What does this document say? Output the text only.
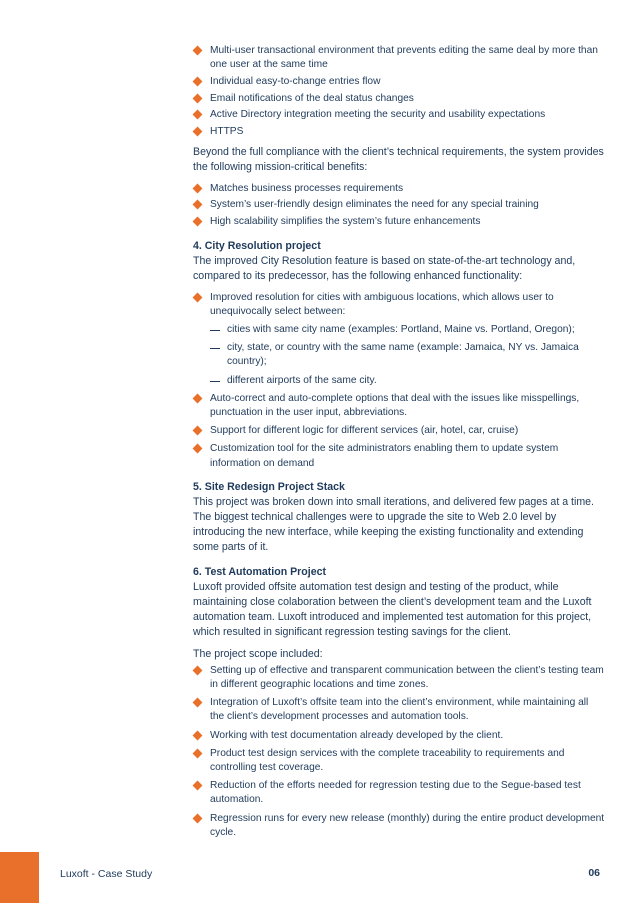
Multi-user transactional environment that prevents editing the same deal by more than one user at the same time
Individual easy-to-change entries flow
Email notifications of the deal status changes
Active Directory integration meeting the security and usability expectations
HTTPS

Beyond the full compliance with the client’s technical requirements, the system provides the following mission-critical benefits:

Matches business processes requirements
System’s user-friendly design eliminates the need for any special training
High scalability simplifies the system’s future enhancements

4. City Resolution project

The improved City Resolution feature is based on state-of-the-art technology and, compared to its predecessor, has the following enhanced functionality:

Improved resolution for cities with ambiguous locations, which allows user to unequivocally select between:
cities with same city name (examples: Portland, Maine vs. Portland, Oregon);
city, state, or country with the same name (example: Jamaica, NY vs. Jamaica country);
different airports of the same city.
Auto-correct and auto-complete options that deal with the issues like misspellings, punctuation in the user input, abbreviations.
Support for different logic for different services (air, hotel, car, cruise)
Customization tool for the site administrators enabling them to update system information on demand

5. Site Redesign Project Stack

This project was broken down into small iterations, and delivered few pages at a time. The biggest technical challenges were to upgrade the site to Web 2.0 level by introducing the new interface, while keeping the existing functionality and extending some parts of it.

6. Test Automation Project

Luxoft provided offsite automation test design and testing of the product, while maintaining close colaboration between the client’s development team and the Luxoft automation team. Luxoft introduced and implemented test automation for this project, which resulted in significant regression testing savings for the client.

The project scope included:

Setting up of effective and transparent communication between the client’s testing team in different geographic locations and time zones.
Integration of Luxoft’s offsite team into the client’s environment, while maintaining all the client’s development processes and automation tools.
Working with test documentation already developed by the client.
Product test design services with the complete traceability to requirements and controlling test coverage.
Reduction of the efforts needed for regression testing due to the Segue-based test automation.
Regression runs for every new release (monthly) during the entire product development cycle.
Luxoft - Case Study	06
